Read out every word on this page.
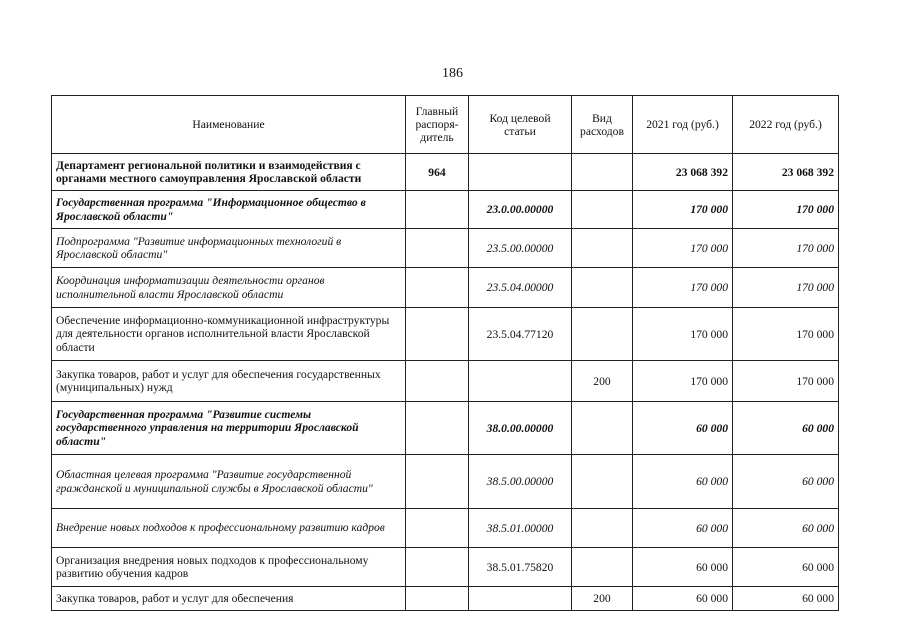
186
Наименование	Главный распоря-дитель	Код целевой статьи	Вид расходов	2021 год (руб.)	2022 год (руб.)
Департамент региональной политики и взаимодействия с органами местного самоуправления Ярославской области	964			23 068 392	23 068 392
Государственная программа "Информационное общество в Ярославской области"		23.0.00.00000		170 000	170 000
Подпрограмма "Развитие информационных технологий в Ярославской области"		23.5.00.00000		170 000	170 000
Координация информатизации деятельности органов исполнительной власти Ярославской области		23.5.04.00000		170 000	170 000
Обеспечение информационно-коммуникационной инфраструктуры для деятельности органов исполнительной власти Ярославской области		23.5.04.77120		170 000	170 000
Закупка товаров, работ и услуг для обеспечения государственных (муниципальных) нужд			200	170 000	170 000
Государственная программа "Развитие системы государственного управления на территории Ярославской области"		38.0.00.00000		60 000	60 000
Областная целевая программа "Развитие государственной гражданской и муниципальной службы в Ярославской области"		38.5.00.00000		60 000	60 000
Внедрение новых подходов к профессиональному развитию кадров		38.5.01.00000		60 000	60 000
Организация внедрения новых подходов к профессиональному развитию обучения кадров		38.5.01.75820		60 000	60 000
Закупка товаров, работ и услуг для обеспечения			200	60 000	60 000
